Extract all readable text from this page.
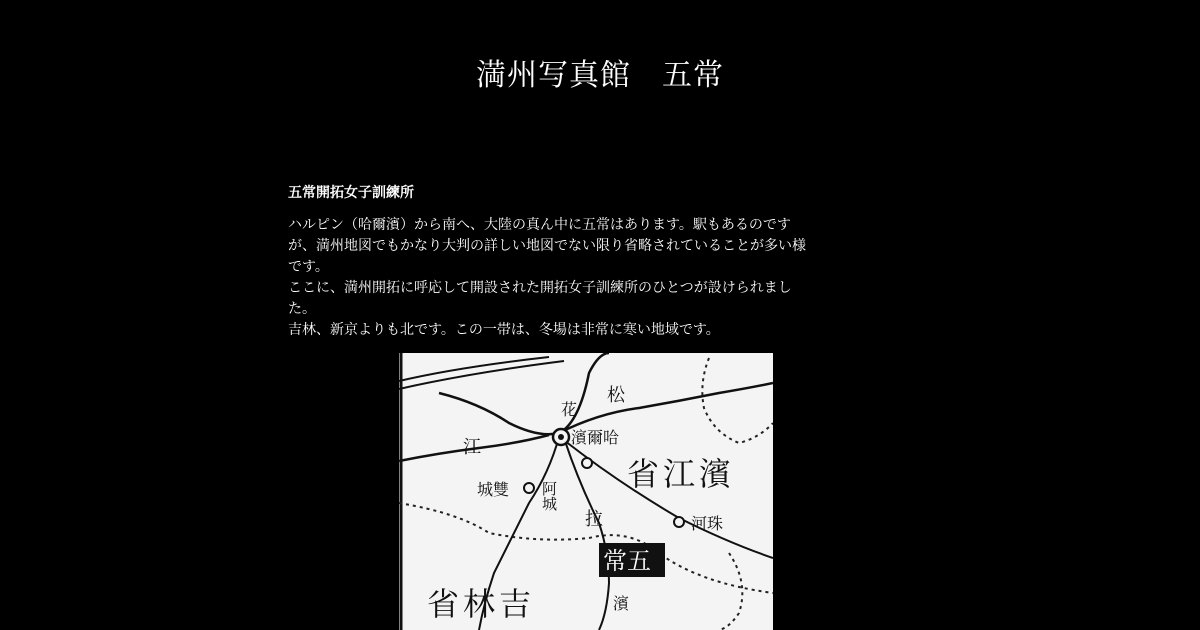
満州写真館　五常
五常開拓女子訓練所

ハルピン（哈爾濱）から南へ、大陸の真ん中に五常はあります。駅もあるのです
が、満州地図でもかなり大判の詳しい地図でない限り省略されていることが多い様
です。
ここに、満州開拓に呼応して開設された開拓女子訓練所のひとつが設けられまし
た。
吉林、新京よりも北です。この一帯は、冬場は非常に寒い地域です。

松
花
江	濱爾哈
省江濱
城雙 阿城
拉	河珠
常五
省林吉	濱
